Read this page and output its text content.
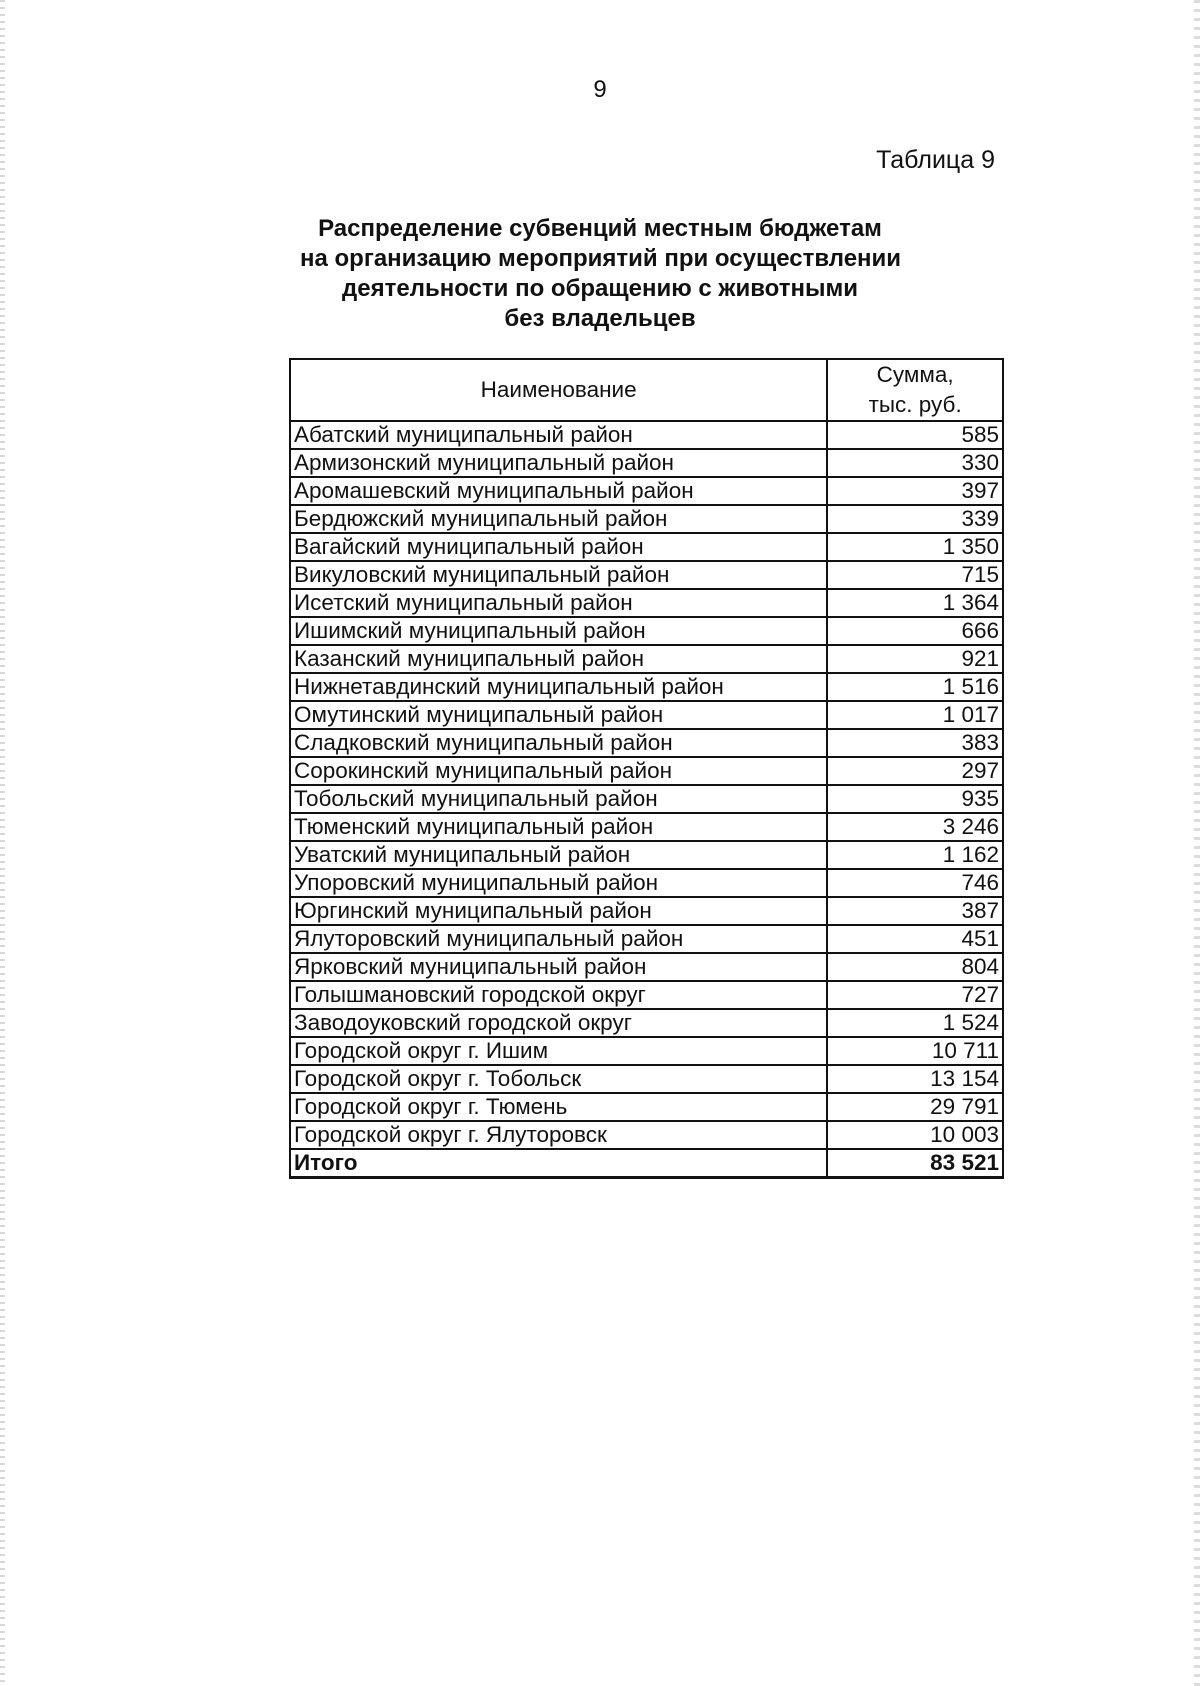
9
Таблица 9
Распределение субвенций местным бюджетам
на организацию мероприятий при осуществлении
деятельности по обращению с животными
без владельцев
Наименование	Сумма,
тыс. руб.

Абатский муниципальный район	585
Армизонский муниципальный район	330
Аромашевский муниципальный район	397
Бердюжский муниципальный район	339
Вагайский муниципальный район	1 350
Викуловский муниципальный район	715
Исетский муниципальный район	1 364
Ишимский муниципальный район	666
Казанский муниципальный район	921
Нижнетавдинский муниципальный район	1 516
Омутинский муниципальный район	1 017
Сладковский муниципальный район	383
Сорокинский муниципальный район	297
Тобольский муниципальный район	935
Тюменский муниципальный район	3 246
Уватский муниципальный район	1 162
Упоровский муниципальный район	746
Юргинский муниципальный район	387
Ялуторовский муниципальный район	451
Ярковский муниципальный район	804
Голышмановский городской округ	727
Заводоуковский городской округ	1 524
Городской округ г. Ишим	10 711
Городской округ г. Тобольск	13 154
Городской округ г. Тюмень	29 791
Городской округ г. Ялуторовск	10 003
Итого	83 521
